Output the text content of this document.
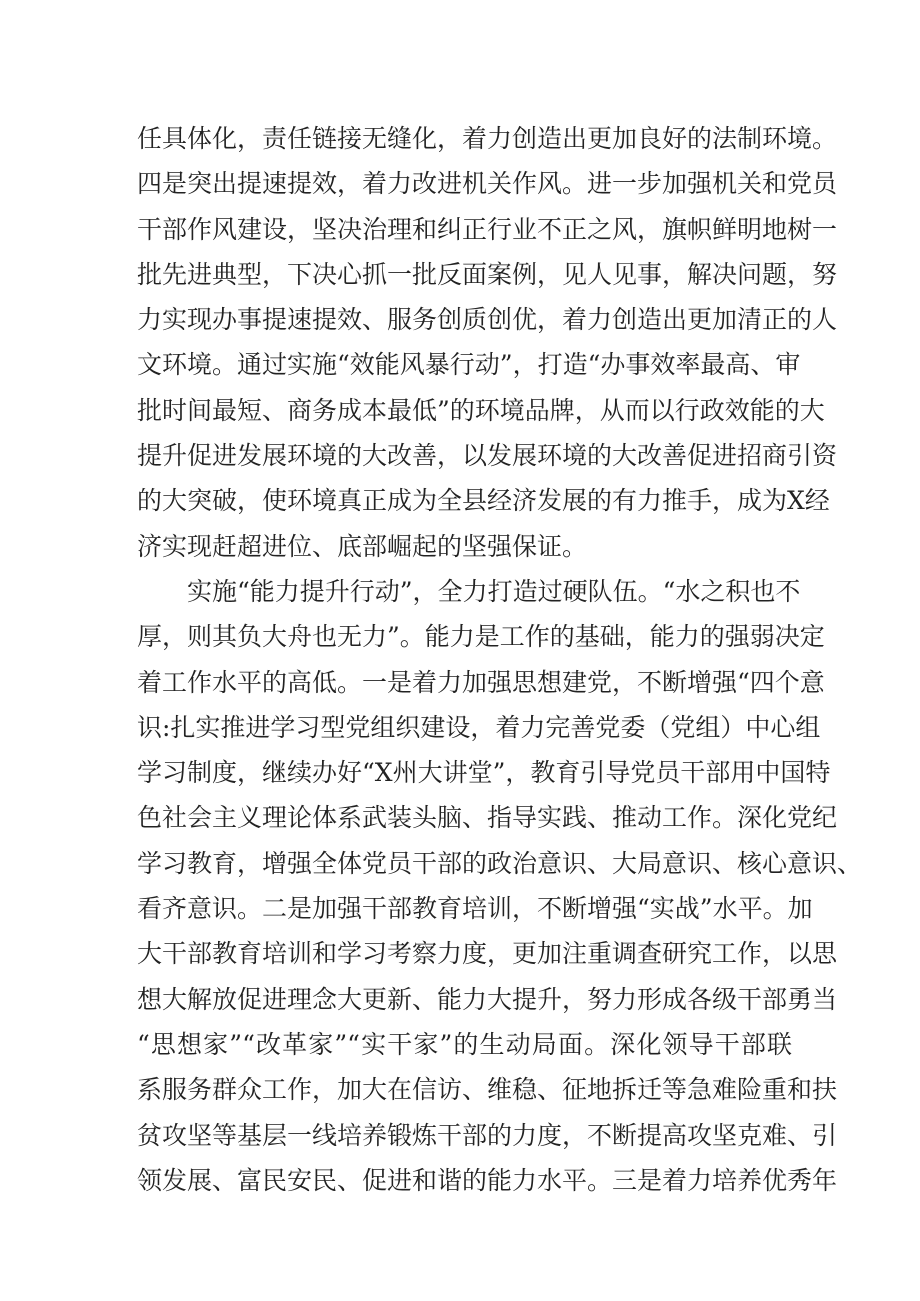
任具体化，责任链接无缝化，着力创造出更加良好的法制环境。
四是突出提速提效，着力改进机关作风。进一步加强机关和党员
干部作风建设，坚决治理和纠正行业不正之风，旗帜鲜明地树一
批先进典型，下决心抓一批反面案例，见人见事，解决问题，努
力实现办事提速提效、服务创质创优，着力创造出更加清正的人
文环境。通过实施“效能风暴行动”，打造“办事效率最高、审
批时间最短、商务成本最低”的环境品牌，从而以行政效能的大
提升促进发展环境的大改善，以发展环境的大改善促进招商引资
的大突破，使环境真正成为全县经济发展的有力推手，成为X经
济实现赶超进位、底部崛起的坚强保证。
　　实施“能力提升行动”，全力打造过硬队伍。“水之积也不
厚，则其负大舟也无力”。能力是工作的基础，能力的强弱决定
着工作水平的高低。一是着力加强思想建党，不断增强“四个意
识:扎实推进学习型党组织建设，着力完善党委（党组）中心组
学习制度，继续办好“X州大讲堂”，教育引导党员干部用中国特
色社会主义理论体系武装头脑、指导实践、推动工作。深化党纪
学习教育，增强全体党员干部的政治意识、大局意识、核心意识、
看齐意识。二是加强干部教育培训，不断增强“实战”水平。加
大干部教育培训和学习考察力度，更加注重调查研究工作，以思
想大解放促进理念大更新、能力大提升，努力形成各级干部勇当
“思想家”“改革家”“实干家”的生动局面。深化领导干部联
系服务群众工作，加大在信访、维稳、征地拆迁等急难险重和扶
贫攻坚等基层一线培养锻炼干部的力度，不断提高攻坚克难、引
领发展、富民安民、促进和谐的能力水平。三是着力培养优秀年
